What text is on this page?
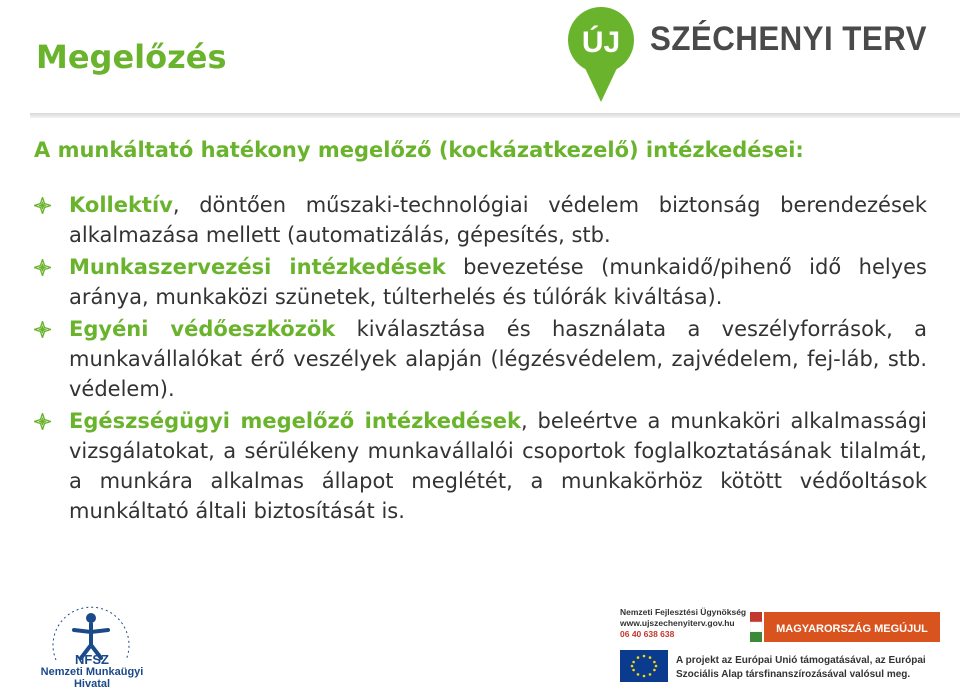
Megelőzés	ÚJ SZÉCHENYI TERV
A munkáltató hatékony megelőző (kockázatkezelő) intézkedései:
Kollektív, döntően műszaki-technológiai védelem biztonság berendezések alkalmazása mellett (automatizálás, gépesítés, stb.
Munkaszervezési intézkedések bevezetése (munkaidő/pihenő idő helyes aránya, munkaközi szünetek, túlterhelés és túlórák kiváltása).
Egyéni védőeszközök kiválasztása és használata a veszélyforrások, a munkavállalókat érő veszélyek alapján (légzésvédelem, zajvédelem, fej-láb, stb. védelem).
Egészségügyi megelőző intézkedések, beleértve a munkaköri alkalmassági vizsgálatokat, a sérülékeny munkavállalói csoportok foglalkoztatásának tilalmát, a munkára alkalmas állapot meglétét, a munkakörhöz kötött védőoltások munkáltató általi biztosítását is.
NFSZ
Nemzeti Munkaügyi Hivatal
Nemzeti Fejlesztési Ügynökség
www.ujszechenyiterv.gov.hu
06 40 638 638	MAGYARORSZÁG MEGÚJUL
A projekt az Európai Unió támogatásával, az Európai
Szociális Alap társfinanszírozásával valósul meg.
